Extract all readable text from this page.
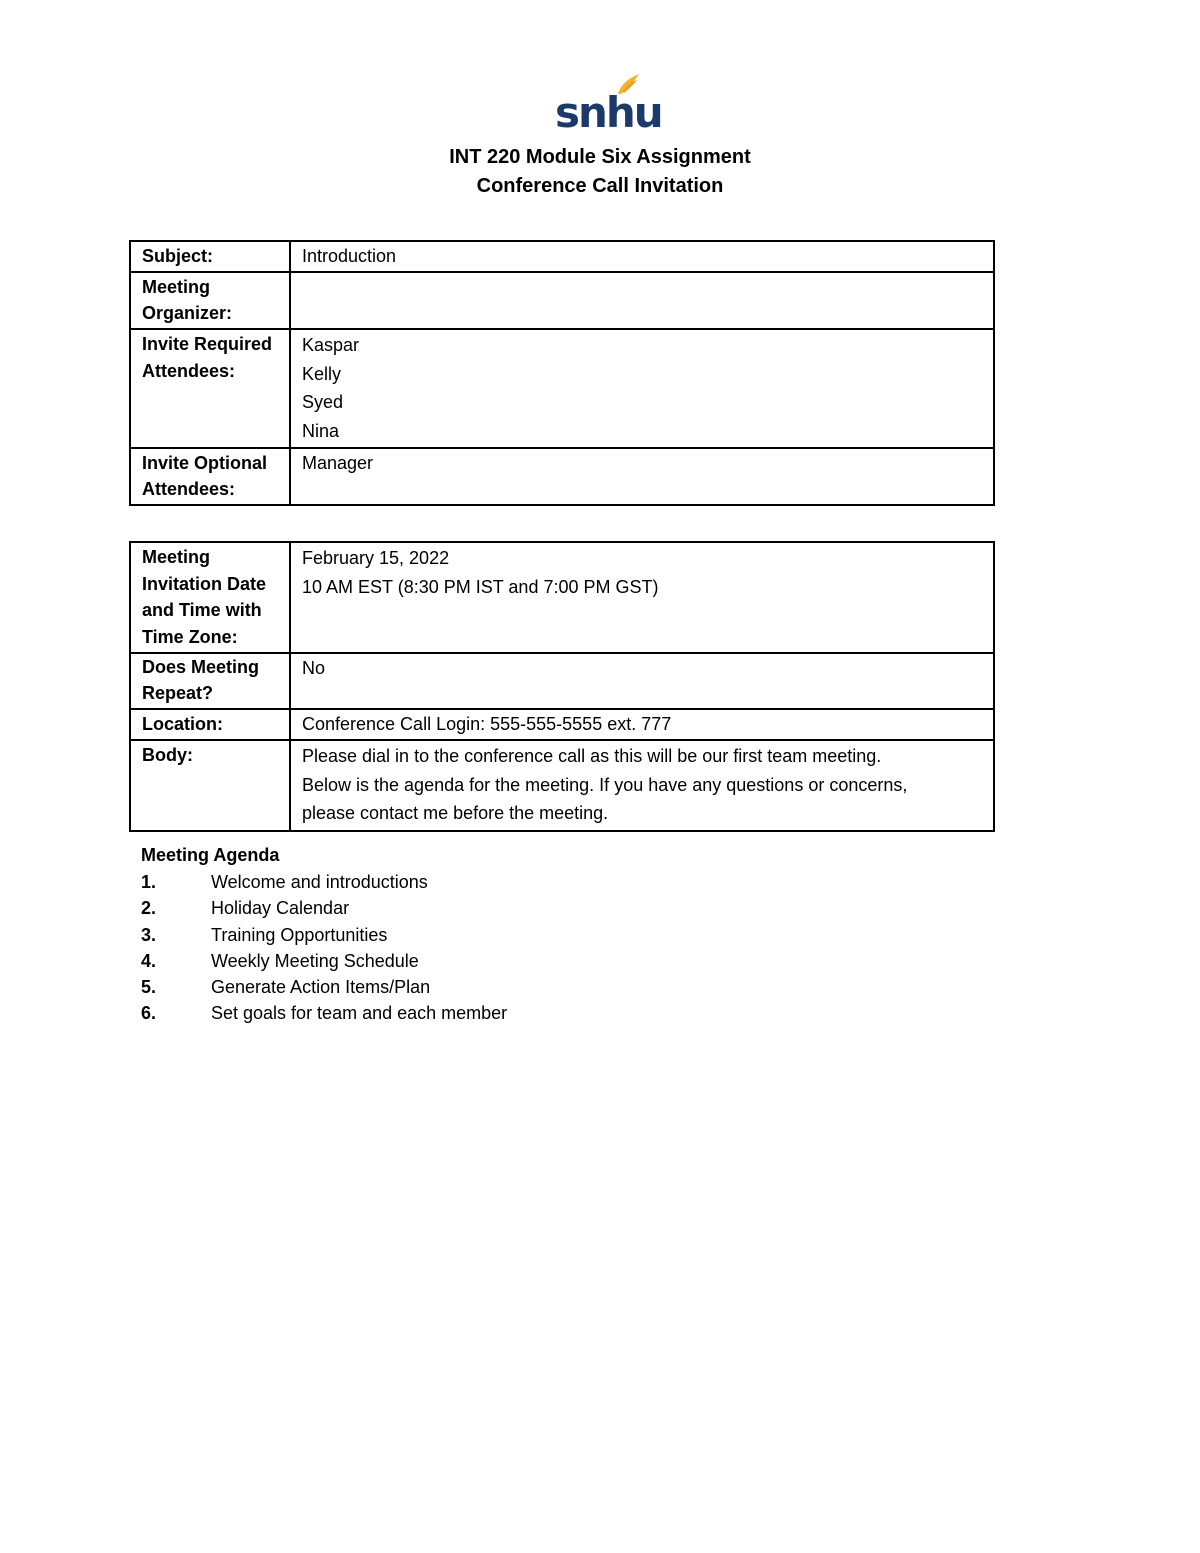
snhu
INT 220 Module Six Assignment
Conference Call Invitation
Subject:	Introduction

Meeting
Organizer:	

Invite Required
Attendees:	Kaspar
Kelly
Syed
Nina

Invite Optional
Attendees:	Manager
Meeting
Invitation Date
and Time with
Time Zone:	February 15, 2022
10 AM EST (8:30 PM IST and 7:00 PM GST)

Does Meeting
Repeat?	No
Location:	Conference Call Login: 555-555-5555 ext. 777
Body:	Please dial in to the conference call as this will be our first team meeting.
Below is the agenda for the meeting. If you have any questions or concerns,
please contact me before the meeting.
Meeting Agenda
1.	Welcome and introductions
2.	Holiday Calendar
3.	Training Opportunities
4.	Weekly Meeting Schedule
5.	Generate Action Items/Plan
6.	Set goals for team and each member
